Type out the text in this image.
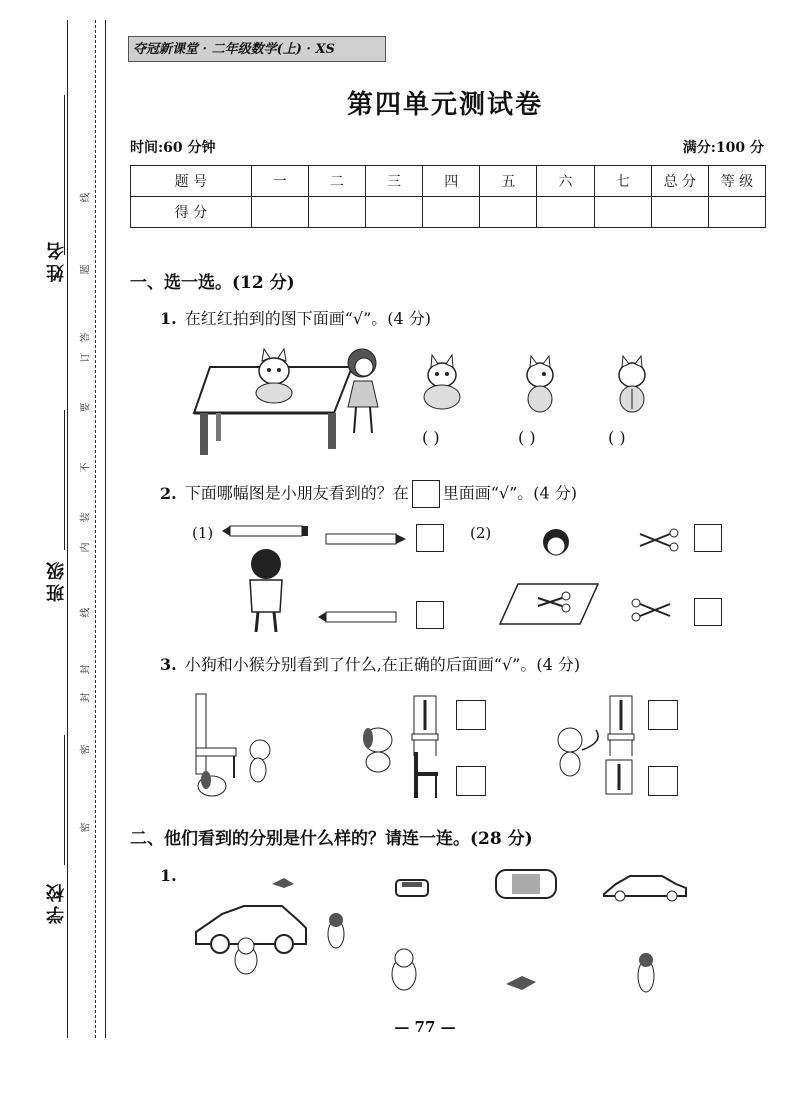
姓名
班级
学校
线
题
答
订
要
不
装
内
线
封
封
密
密
夺冠新课堂 · 二年级数学(上) · XS
第四单元测试卷
时间:60 分钟	满分:100 分
题 号	一	二	三	四	五	六	七	总 分	等 级
得 分									
一、选一选。(12 分)
1. 在红红拍到的图下面画“√”。(4 分)
( )	( )	( )
2. 下面哪幅图是小朋友看到的？在 里面画“√”。(4 分)
(1)	(2)
3. 小狗和小猴分别看到了什么,在正确的后面画“√”。(4 分)
二、他们看到的分别是什么样的？请连一连。(28 分)
1.
— 77 —
